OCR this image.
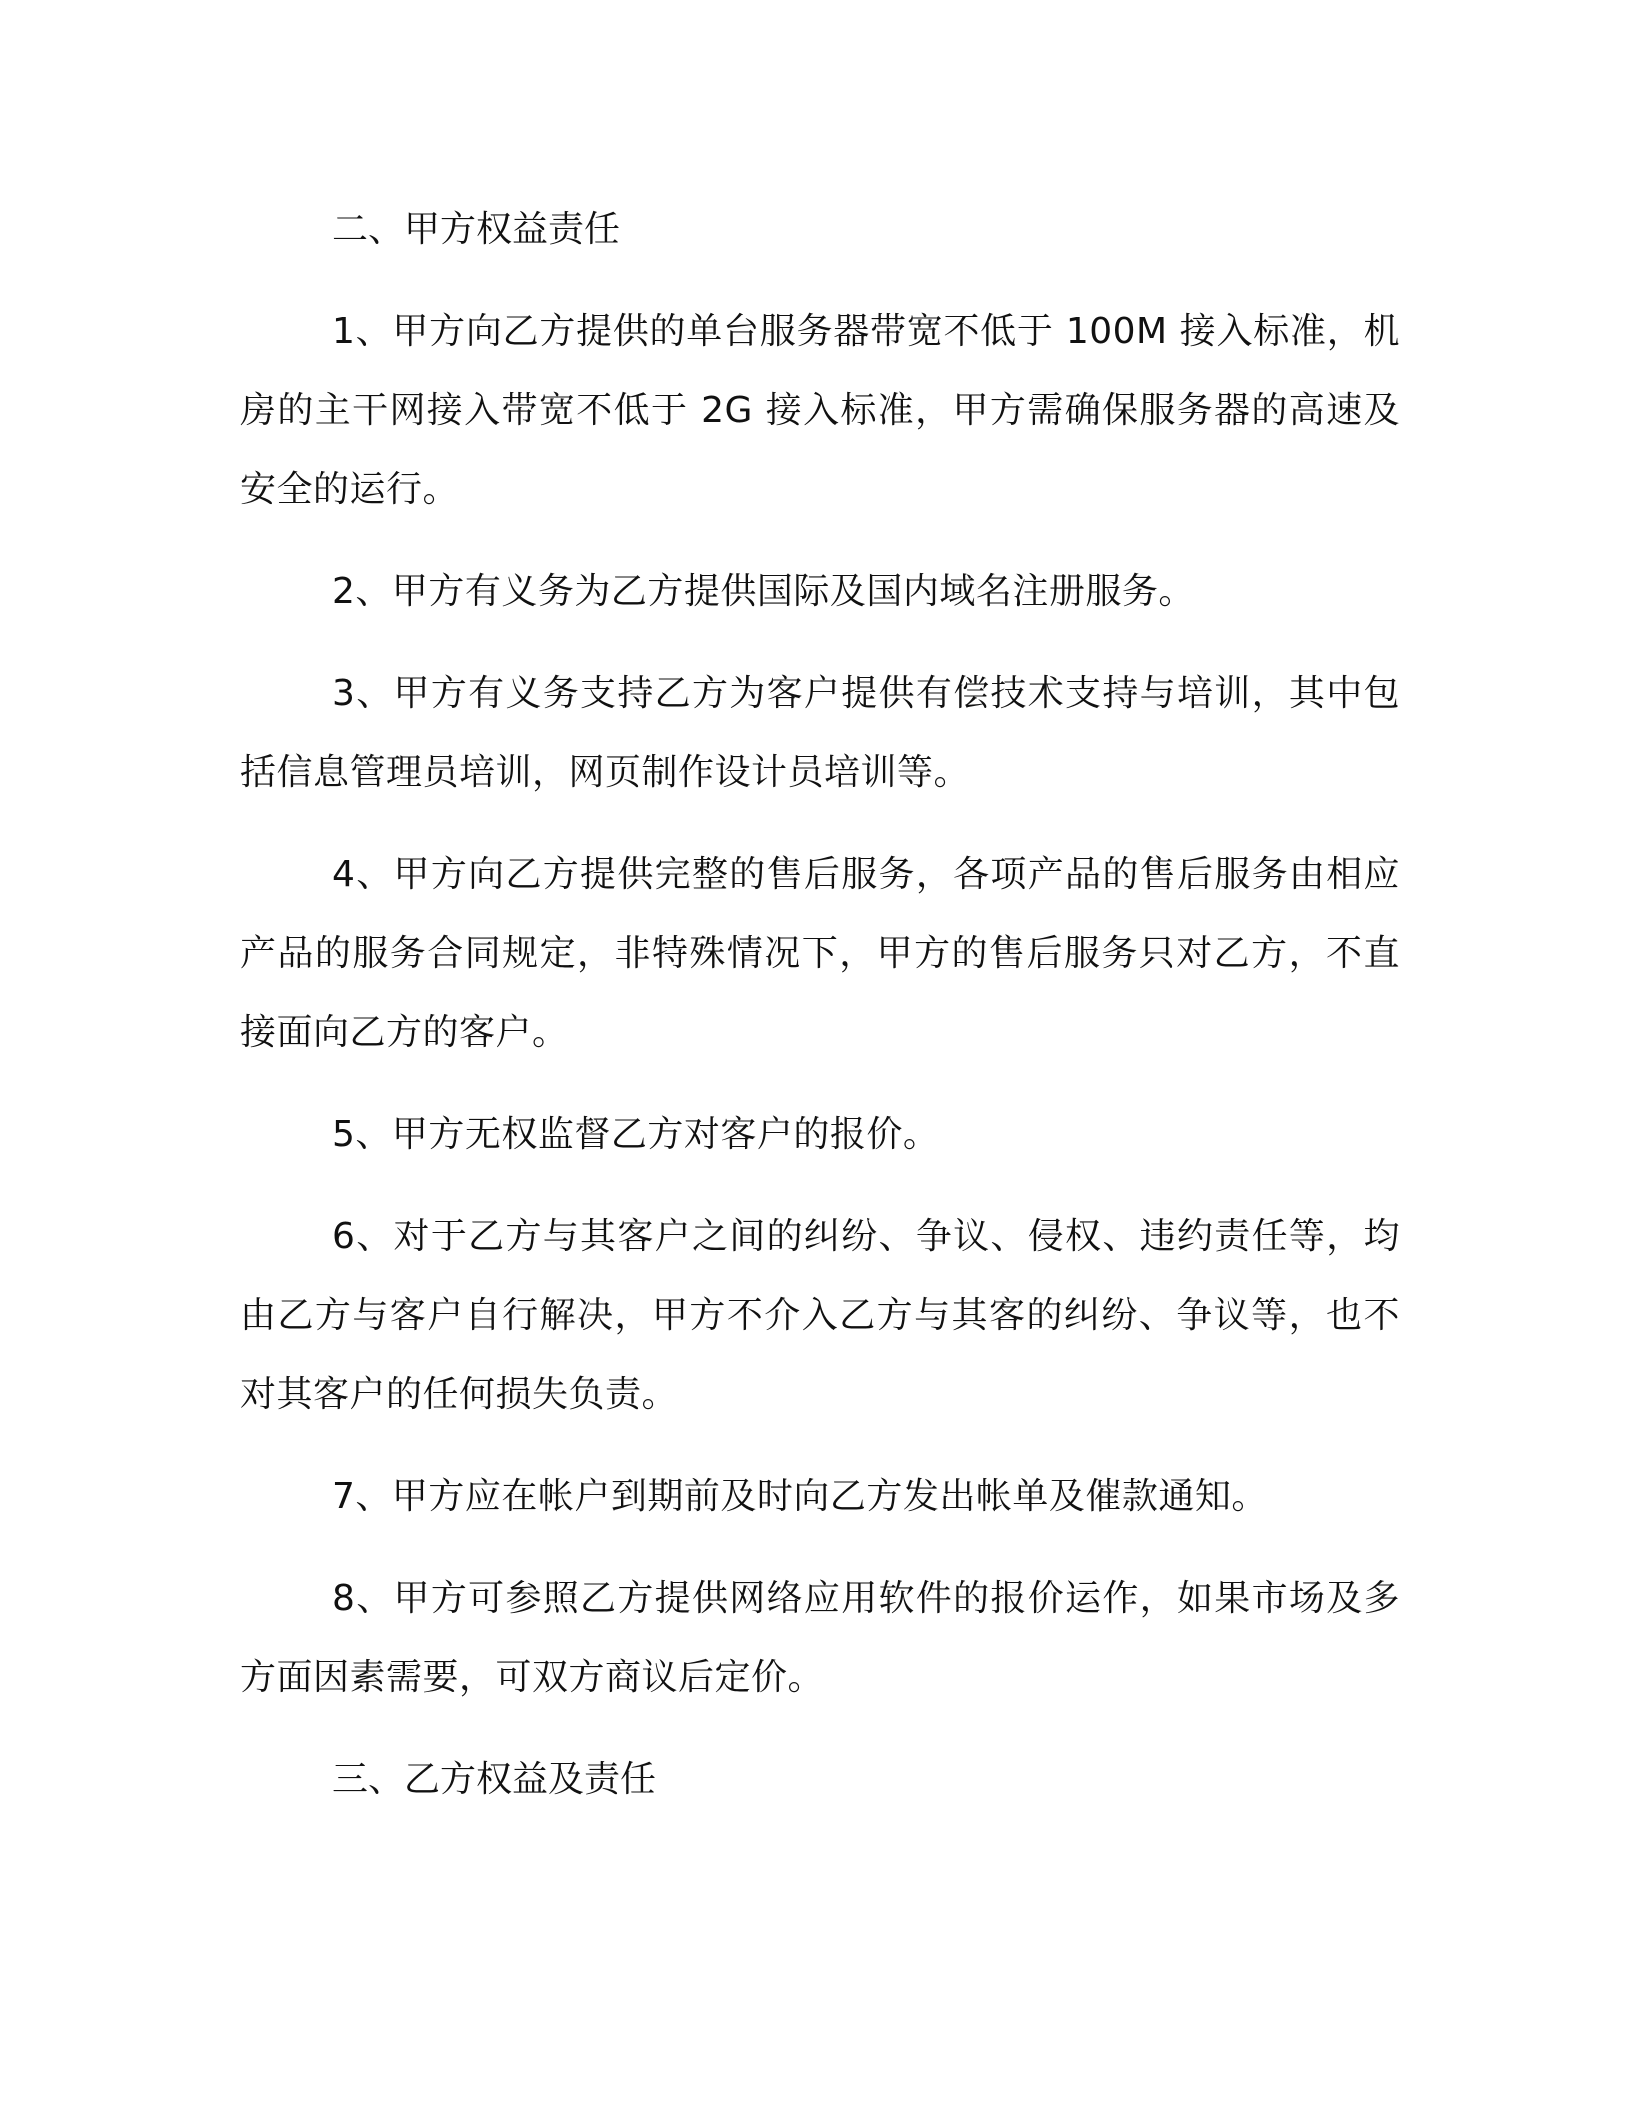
二、甲方权益责任

1、甲方向乙方提供的单台服务器带宽不低于 100M 接入标准，机房的主干网接入带宽不低于 2G 接入标准，甲方需确保服务器的高速及安全的运行。

2、甲方有义务为乙方提供国际及国内域名注册服务。

3、甲方有义务支持乙方为客户提供有偿技术支持与培训，其中包括信息管理员培训，网页制作设计员培训等。

4、甲方向乙方提供完整的售后服务，各项产品的售后服务由相应产品的服务合同规定，非特殊情况下，甲方的售后服务只对乙方，不直接面向乙方的客户。

5、甲方无权监督乙方对客户的报价。

6、对于乙方与其客户之间的纠纷、争议、侵权、违约责任等，均由乙方与客户自行解决，甲方不介入乙方与其客的纠纷、争议等，也不对其客户的任何损失负责。

7、甲方应在帐户到期前及时向乙方发出帐单及催款通知。

8、甲方可参照乙方提供网络应用软件的报价运作，如果市场及多方面因素需要，可双方商议后定价。

三、乙方权益及责任
